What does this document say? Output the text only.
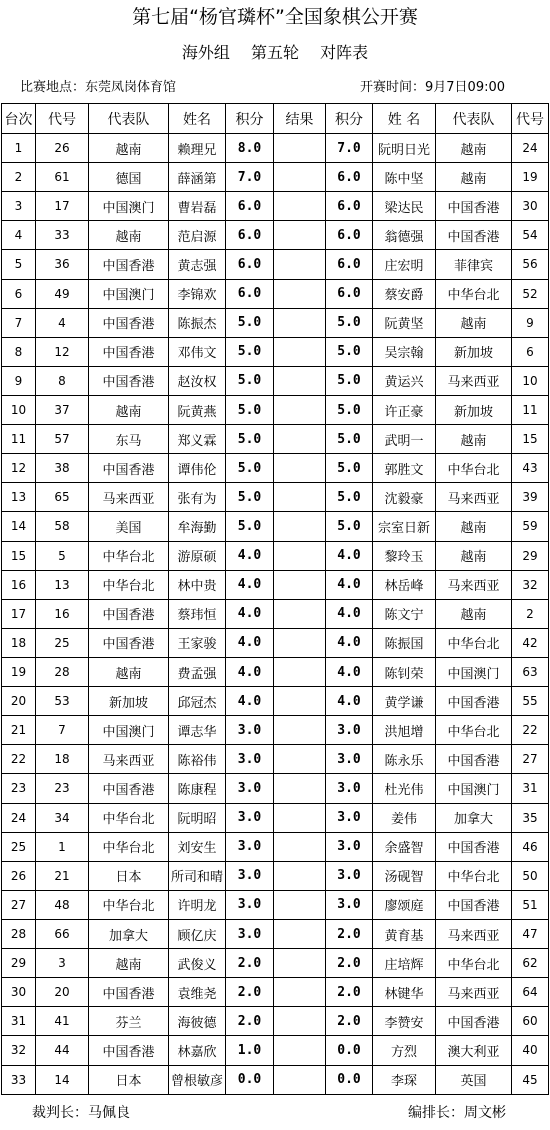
第七届“杨官璘杯”全国象棋公开赛
海外组 第五轮 对阵表
比赛地点：东莞凤岗体育馆	开赛时间：9月7日09:00
台次	代号	代表队	姓名	积分	结果	积分	姓 名	代表队	代号
1	26	越南	赖理兄	8.0		7.0	阮明日光	越南	24
2	61	德国	薛涵第	7.0		6.0	陈中坚	越南	19
3	17	中国澳门	曹岩磊	6.0		6.0	梁达民	中国香港	30
4	33	越南	范启源	6.0		6.0	翁德强	中国香港	54
5	36	中国香港	黄志强	6.0		6.0	庄宏明	菲律宾	56
6	49	中国澳门	李锦欢	6.0		6.0	蔡安爵	中华台北	52
7	4	中国香港	陈振杰	5.0		5.0	阮黄坚	越南	9
8	12	中国香港	邓伟文	5.0		5.0	吴宗翰	新加坡	6
9	8	中国香港	赵汝权	5.0		5.0	黄运兴	马来西亚	10
10	37	越南	阮黄燕	5.0		5.0	许正豪	新加坡	11
11	57	东马	郑义霖	5.0		5.0	武明一	越南	15
12	38	中国香港	谭伟伦	5.0		5.0	郭胜文	中华台北	43
13	65	马来西亚	张有为	5.0		5.0	沈毅豪	马来西亚	39
14	58	美国	牟海勤	5.0		5.0	宗室日新	越南	59
15	5	中华台北	游原硕	4.0		4.0	黎玲玉	越南	29
16	13	中华台北	林中贵	4.0		4.0	林岳峰	马来西亚	32
17	16	中国香港	蔡玮恒	4.0		4.0	陈文宁	越南	2
18	25	中国香港	王家骏	4.0		4.0	陈振国	中华台北	42
19	28	越南	费孟强	4.0		4.0	陈钊荣	中国澳门	63
20	53	新加坡	邱冠杰	4.0		4.0	黄学谦	中国香港	55
21	7	中国澳门	谭志华	3.0		3.0	洪旭增	中华台北	22
22	18	马来西亚	陈裕伟	3.0		3.0	陈永乐	中国香港	27
23	23	中国香港	陈康程	3.0		3.0	杜光伟	中国澳门	31
24	34	中华台北	阮明昭	3.0		3.0	姜伟	加拿大	35
25	1	中华台北	刘安生	3.0		3.0	余盛智	中国香港	46
26	21	日本	所司和晴	3.0		3.0	汤砚智	中华台北	50
27	48	中华台北	许明龙	3.0		3.0	廖颂庭	中国香港	51
28	66	加拿大	顾亿庆	3.0		2.0	黄育基	马来西亚	47
29	3	越南	武俊义	2.0		2.0	庄培辉	中华台北	62
30	20	中国香港	袁维尧	2.0		2.0	林键华	马来西亚	64
31	41	芬兰	海彼德	2.0		2.0	李赞安	中国香港	60
32	44	中国香港	林嘉欣	1.0		0.0	方烈	澳大利亚	40
33	14	日本	曾根敏彦	0.0		0.0	李琛	英国	45
裁判长：马佩良	编排长：周文彬
